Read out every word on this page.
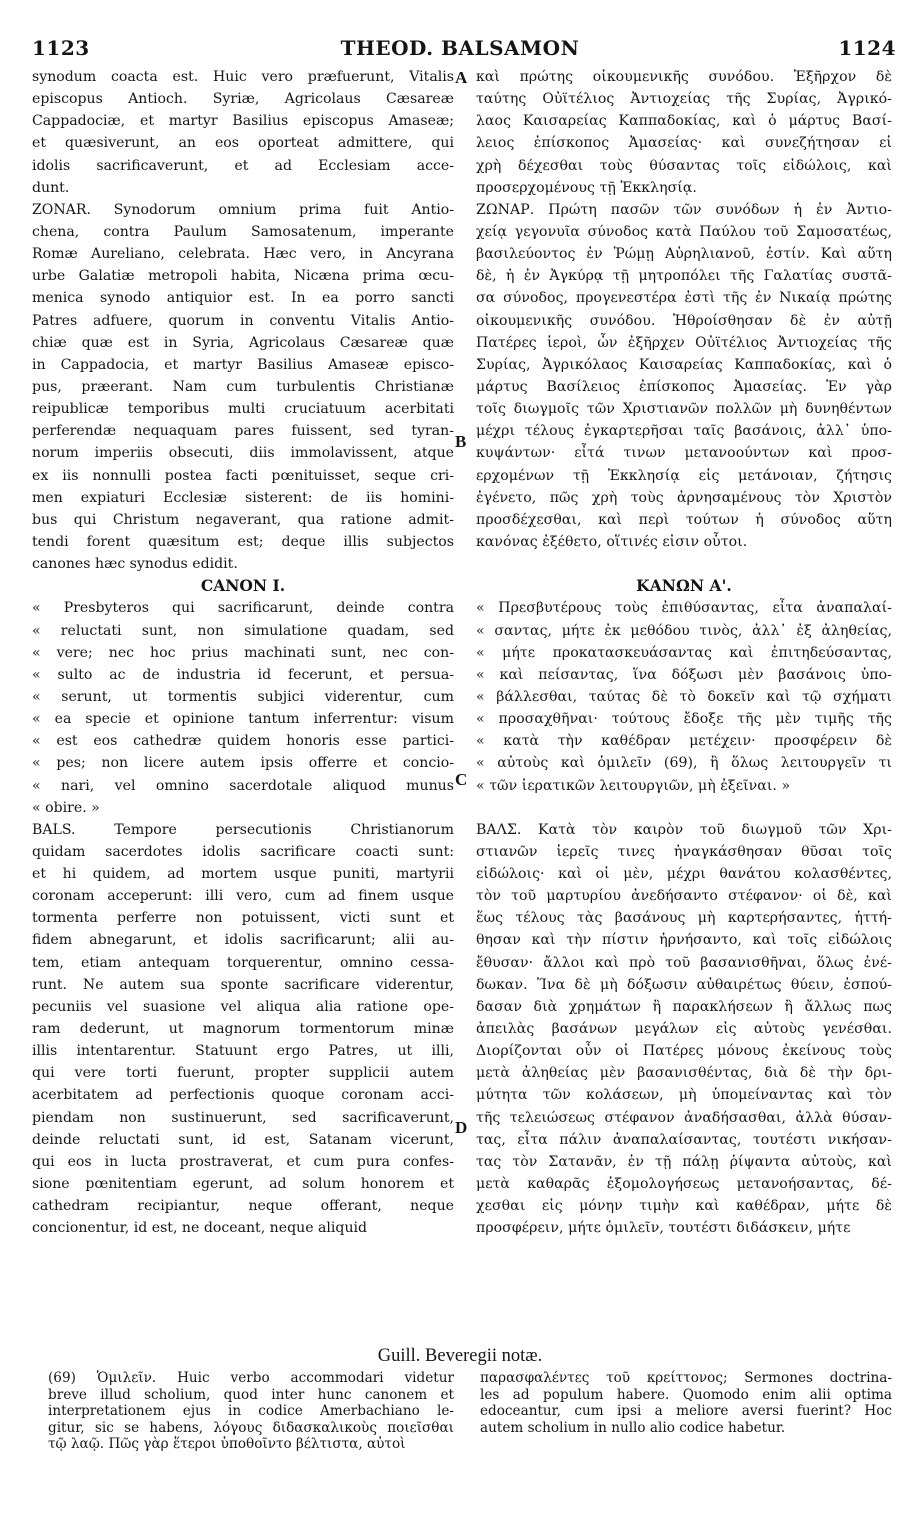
1123	THEOD. BALSAMON	1124
synodum coacta est. Huic vero præfuerunt, Vitalis
episcopus Antioch. Syriæ, Agricolaus Cæsareæ
Cappadociæ, et martyr Basilius episcopus Amaseæ;
et quæsiverunt, an eos oporteat admittere, qui
idolis sacrificaverunt, et ad Ecclesiam acce-
dunt.
ZONAR. Synodorum omnium prima fuit Antio-
chena, contra Paulum Samosatenum, imperante
Romæ Aureliano, celebrata. Hæc vero, in Ancyrana
urbe Galatiæ metropoli habita, Nicæna prima œcu-
menica synodo antiquior est. In ea porro sancti
Patres adfuere, quorum in conventu Vitalis Antio-
chiæ quæ est in Syria, Agricolaus Cæsareæ quæ
in Cappadocia, et martyr Basilius Amaseæ episco-
pus, præerant. Nam cum turbulentis Christianæ
reipublicæ temporibus multi cruciatuum acerbitati
perferendæ nequaquam pares fuissent, sed tyran-
norum imperiis obsecuti, diis immolavissent, atque
ex iis nonnulli postea facti pœnituisset, seque cri-
men expiaturi Ecclesiæ sisterent: de iis homini-
bus qui Christum negaverant, qua ratione admit-
tendi forent quæsitum est; deque illis subjectos
canones hæc synodus edidit.
CANON I.
« Presbyteros qui sacrificarunt, deinde contra
« reluctati sunt, non simulatione quadam, sed
« vere; nec hoc prius machinati sunt, nec con-
« sulto ac de industria id fecerunt, et persua-
« serunt, ut tormentis subjici viderentur, cum
« ea specie et opinione tantum inferrentur: visum
« est eos cathedræ quidem honoris esse partici-
« pes; non licere autem ipsis offerre et concio-
« nari, vel omnino sacerdotale aliquod munus
« obire. »
BALS. Tempore persecutionis Christianorum
quidam sacerdotes idolis sacrificare coacti sunt:
et hi quidem, ad mortem usque puniti, martyrii
coronam acceperunt: illi vero, cum ad finem usque
tormenta perferre non potuissent, victi sunt et
fidem abnegarunt, et idolis sacrificarunt; alii au-
tem, etiam antequam torquerentur, omnino cessa-
runt. Ne autem sua sponte sacrificare viderentur,
pecuniis vel suasione vel aliqua alia ratione ope-
ram dederunt, ut magnorum tormentorum minæ
illis intentarentur. Statuunt ergo Patres, ut illi,
qui vere torti fuerunt, propter supplicii autem
acerbitatem ad perfectionis quoque coronam acci-
piendam non sustinuerunt, sed sacrificaverunt,
deinde reluctati sunt, id est, Satanam vicerunt,
qui eos in lucta prostraverat, et cum pura confes-
sione pœnitentiam egerunt, ad solum honorem et
cathedram recipiantur, neque offerant, neque
concionentur, id est, ne doceant, neque aliquid
καὶ πρώτης οἰκουμενικῆς συνόδου. Ἐξῆρχον δὲ
ταύτης Οὐϊτέλιος Ἀντιοχείας τῆς Συρίας, Ἀγρικό-
λαος Καισαρείας Καππαδοκίας, καὶ ὁ μάρτυς Βασί-
λειος ἐπίσκοπος Ἀμασείας· καὶ συνεζήτησαν εἰ
χρὴ δέχεσθαι τοὺς θύσαντας τοῖς εἰδώλοις, καὶ
προσερχομένους τῇ Ἐκκλησίᾳ.
ΖΩΝΑΡ. Πρώτη πασῶν τῶν συνόδων ἡ ἐν Ἀντιο-
χείᾳ γεγονυῖα σύνοδος κατὰ Παύλου τοῦ Σαμοσατέως,
βασιλεύοντος ἐν Ῥώμῃ Αὐρηλιανοῦ, ἐστίν. Καὶ αὕτη
δὲ, ἡ ἐν Ἀγκύρᾳ τῇ μητροπόλει τῆς Γαλατίας συστᾶ-
σα σύνοδος, προγενεστέρα ἐστὶ τῆς ἐν Νικαίᾳ πρώτης
οἰκουμενικῆς συνόδου. Ἠθροίσθησαν δὲ ἐν αὐτῇ
Πατέρες ἱεροὶ, ὧν ἐξῆρχεν Οὐϊτέλιος Ἀντιοχείας τῆς
Συρίας, Ἀγρικόλαος Καισαρείας Καππαδοκίας, καὶ ὁ
μάρτυς Βασίλειος ἐπίσκοπος Ἀμασείας. Ἐν γὰρ
τοῖς διωγμοῖς τῶν Χριστιανῶν πολλῶν μὴ δυνηθέντων
μέχρι τέλους ἐγκαρτερῆσαι ταῖς βασάνοις, ἀλλ᾽ ὑπο-
κυψάντων· εἶτά τινων μετανοούντων καὶ προσ-
ερχομένων τῇ Ἐκκλησίᾳ εἰς μετάνοιαν, ζήτησις
ἐγένετο, πῶς χρὴ τοὺς ἀρνησαμένους τὸν Χριστὸν
προσδέχεσθαι, καὶ περὶ τούτων ἡ σύνοδος αὕτη
κανόνας ἐξέθετο, οἵτινές εἰσιν οὗτοι.
ΚΑΝΩΝ Α'.
« Πρεσβυτέρους τοὺς ἐπιθύσαντας, εἶτα ἀναπαλαί-
« σαντας, μήτε ἐκ μεθόδου τινὸς, ἀλλ᾽ ἐξ ἀληθείας,
« μήτε προκατασκευάσαντας καὶ ἐπιτηδεύσαντας,
« καὶ πείσαντας, ἵνα δόξωσι μὲν βασάνοις ὑπο-
« βάλλεσθαι, ταύτας δὲ τὸ δοκεῖν καὶ τῷ σχήματι
« προσαχθῆναι· τούτους ἔδοξε τῆς μὲν τιμῆς τῆς
« κατὰ τὴν καθέδραν μετέχειν· προσφέρειν δὲ
« αὐτοὺς καὶ ὁμιλεῖν (69), ἢ ὅλως λειτουργεῖν τι
« τῶν ἱερατικῶν λειτουργιῶν, μὴ ἐξεῖναι. »
ΒΑΛΣ. Κατὰ τὸν καιρὸν τοῦ διωγμοῦ τῶν Χρι-
στιανῶν ἱερεῖς τινες ἠναγκάσθησαν θῦσαι τοῖς
εἰδώλοις· καὶ οἱ μὲν, μέχρι θανάτου κολασθέντες,
τὸν τοῦ μαρτυρίου ἀνεδήσαντο στέφανον· οἱ δὲ, καὶ
ἕως τέλους τὰς βασάνους μὴ καρτερήσαντες, ἡττή-
θησαν καὶ τὴν πίστιν ἠρνήσαντο, καὶ τοῖς εἰδώλοις
ἔθυσαν· ἄλλοι καὶ πρὸ τοῦ βασανισθῆναι, ὅλως ἐνέ-
δωκαν. Ἵνα δὲ μὴ δόξωσιν αὐθαιρέτως θύειν, ἐσπού-
δασαν διὰ χρημάτων ἢ παρακλήσεων ἢ ἄλλως πως
ἀπειλὰς βασάνων μεγάλων εἰς αὐτοὺς γενέσθαι.
Διορίζονται οὖν οἱ Πατέρες μόνους ἐκείνους τοὺς
μετὰ ἀληθείας μὲν βασανισθέντας, διὰ δὲ τὴν δρι-
μύτητα τῶν κολάσεων, μὴ ὑπομείναντας καὶ τὸν
τῆς τελειώσεως στέφανον ἀναδήσασθαι, ἀλλὰ θύσαν-
τας, εἶτα πάλιν ἀναπαλαίσαντας, τουτέστι νικήσαν-
τας τὸν Σατανᾶν, ἐν τῇ πάλῃ ῥίψαντα αὐτοὺς, καὶ
μετὰ καθαρᾶς ἐξομολογήσεως μετανοήσαντας, δέ-
χεσθαι εἰς μόνην τιμὴν καὶ καθέδραν, μήτε δὲ
προσφέρειν, μήτε ὁμιλεῖν, τουτέστι διδάσκειν, μήτε
A
B
C
D
Guill. Beveregii notæ.
(69) Ὁμιλεῖν. Huic verbo accommodari videtur
breve illud scholium, quod inter hunc canonem et
interpretationem ejus in codice Amerbachiano le-
gitur, sic se habens, λόγους διδασκαλικοὺς ποιεῖσθαι
τῷ λαῷ. Πῶς γὰρ ἕτεροι ὑποθοῖντο βέλτιστα, αὐτοὶ
παρασφαλέντες τοῦ κρείττονος; Sermones doctrina-
les ad populum habere. Quomodo enim alii optima
edoceantur, cum ipsi a meliore aversi fuerint? Hoc
autem scholium in nullo alio codice habetur.
